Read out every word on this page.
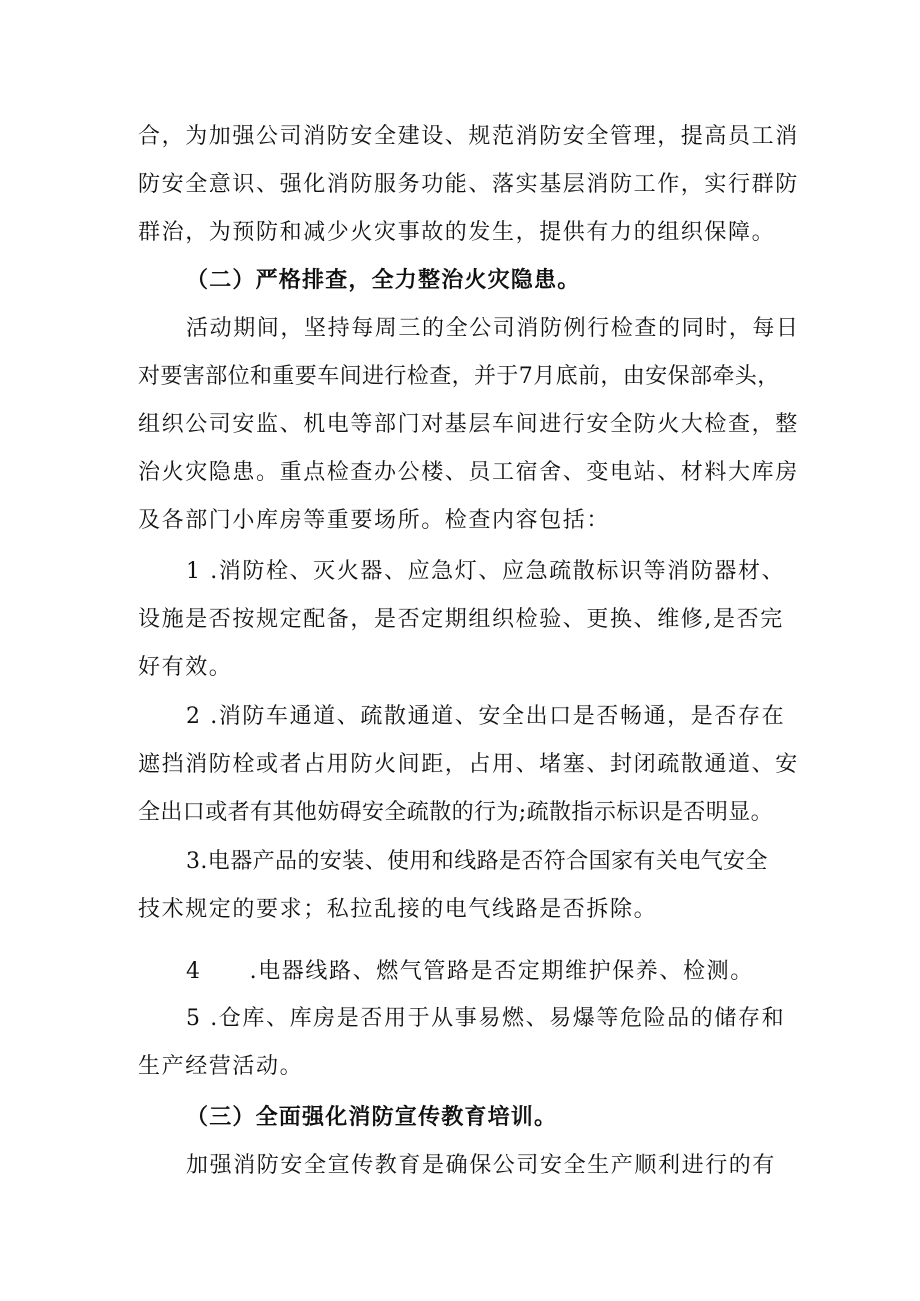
合，为加强公司消防安全建设、规范消防安全管理，提高员工消
防安全意识、强化消防服务功能、落实基层消防工作，实行群防
群治，为预防和减少火灾事故的发生，提供有力的组织保障。
（二）严格排查，全力整治火灾隐患。
活动期间，坚持每周三的全公司消防例行检查的同时，每日
对要害部位和重要车间进行检查，并于7月底前，由安保部牵头，
组织公司安监、机电等部门对基层车间进行安全防火大检查，整
治火灾隐患。重点检查办公楼、员工宿舍、变电站、材料大库房
及各部门小库房等重要场所。检查内容包括：
1 .消防栓、灭火器、应急灯、应急疏散标识等消防器材、
设施是否按规定配备，是否定期组织检验、更换、维修,是否完
好有效。
2 .消防车通道、疏散通道、安全出口是否畅通，是否存在
遮挡消防栓或者占用防火间距，占用、堵塞、封闭疏散通道、安
全出口或者有其他妨碍安全疏散的行为;疏散指示标识是否明显。
3.电器产品的安装、使用和线路是否符合国家有关电气安全
技术规定的要求；私拉乱接的电气线路是否拆除。
4 .电器线路、燃气管路是否定期维护保养、检测。
5 .仓库、库房是否用于从事易燃、易爆等危险品的储存和
生产经营活动。
（三）全面强化消防宣传教育培训。
加强消防安全宣传教育是确保公司安全生产顺利进行的有
